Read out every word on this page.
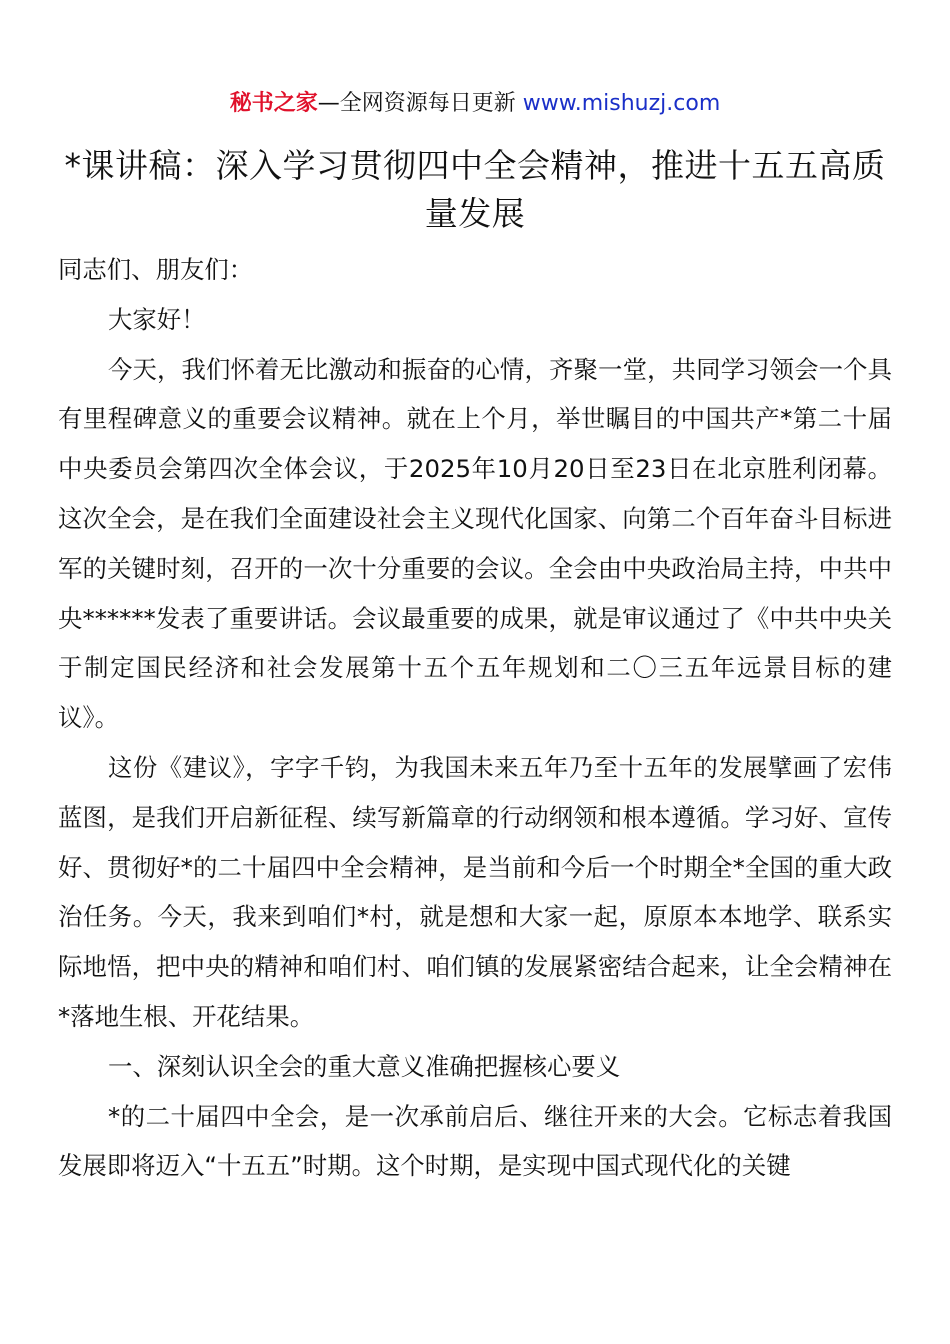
秘书之家—全网资源每日更新 www.mishuzj.com
*课讲稿：深入学习贯彻四中全会精神，推进十五五高质量发展

同志们、朋友们：

大家好！

今天，我们怀着无比激动和振奋的心情，齐聚一堂，共同学习领会一个具有里程碑意义的重要会议精神。就在上个月，举世瞩目的中国共产*第二十届中央委员会第四次全体会议，于2025年10月20日至23日在北京胜利闭幕。这次全会，是在我们全面建设社会主义现代化国家、向第二个百年奋斗目标进军的关键时刻，召开的一次十分重要的会议。全会由中央政治局主持，中共中央******发表了重要讲话。会议最重要的成果，就是审议通过了《中共中央关于制定国民经济和社会发展第十五个五年规划和二〇三五年远景目标的建议》。

这份《建议》，字字千钧，为我国未来五年乃至十五年的发展擘画了宏伟蓝图，是我们开启新征程、续写新篇章的行动纲领和根本遵循。学习好、宣传好、贯彻好*的二十届四中全会精神，是当前和今后一个时期全*全国的重大政治任务。今天，我来到咱们*村，就是想和大家一起，原原本本地学、联系实际地悟，把中央的精神和咱们村、咱们镇的发展紧密结合起来，让全会精神在*落地生根、开花结果。

一、深刻认识全会的重大意义准确把握核心要义

*的二十届四中全会，是一次承前启后、继往开来的大会。它标志着我国发展即将迈入“十五五”时期。这个时期，是实现中国式现代化的关键
